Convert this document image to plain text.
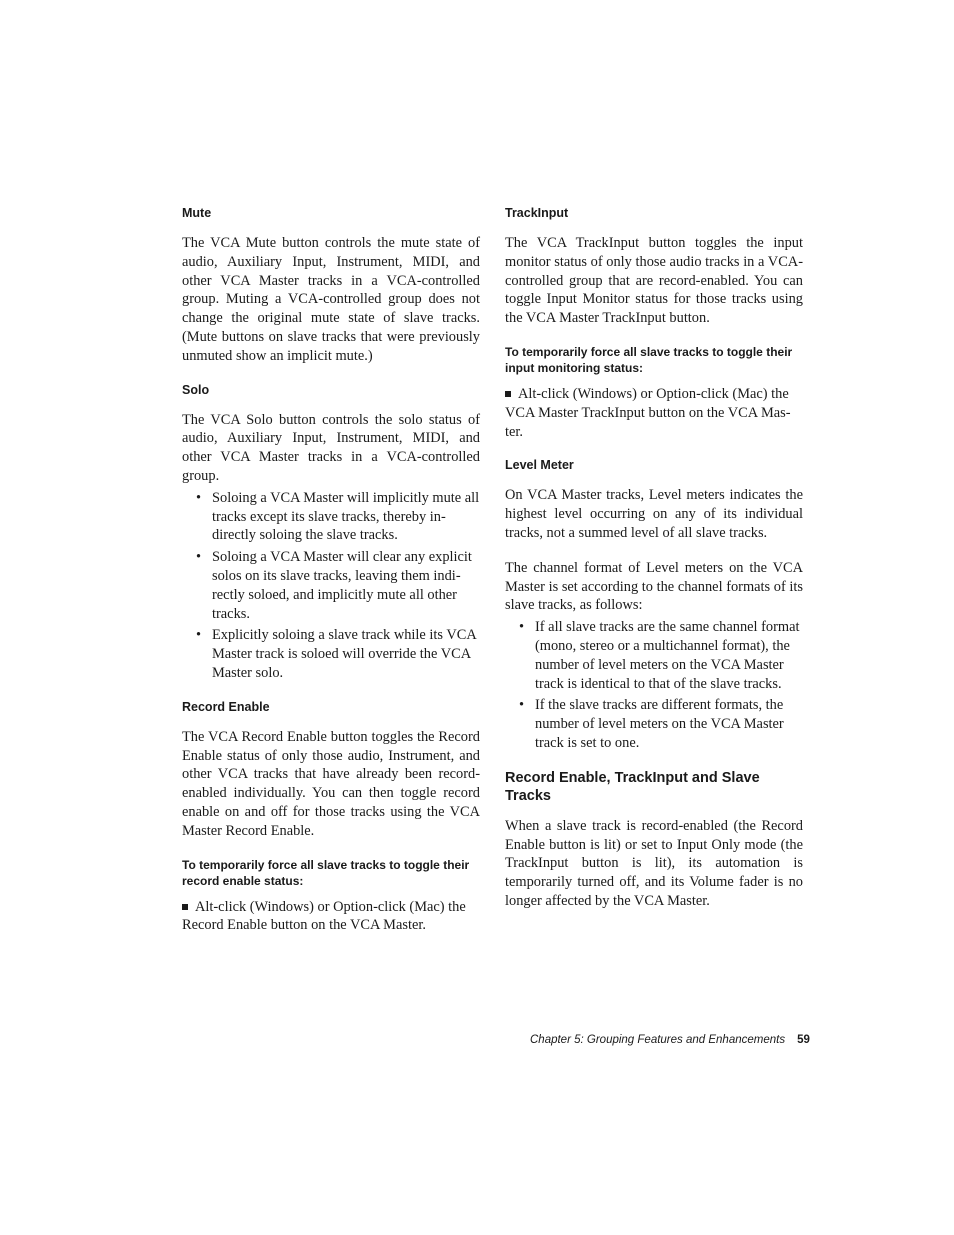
Mute

The VCA Mute button controls the mute state of audio, Auxiliary Input, Instrument, MIDI, and other VCA Master tracks in a VCA-controlled group. Muting a VCA-controlled group does not change the original mute state of slave tracks. (Mute buttons on slave tracks that were previously unmuted show an implicit mute.)

Solo

The VCA Solo button controls the solo status of audio, Auxiliary Input, Instrument, MIDI, and other VCA Master tracks in a VCA-controlled group.

• Soloing a VCA Master will implicitly mute all tracks except its slave tracks, thereby indirectly soloing the slave tracks.
• Soloing a VCA Master will clear any explicit solos on its slave tracks, leaving them indirectly soloed, and implicitly mute all other tracks.
• Explicitly soloing a slave track while its VCA Master track is soloed will override the VCA Master solo.
Record Enable

The VCA Record Enable button toggles the Record Enable status of only those audio, Instrument, and other VCA tracks that have already been record-enabled individually. You can then toggle record enable on and off for those tracks using the VCA Master Record Enable.

To temporarily force all slave tracks to toggle their record enable status:

Alt-click (Windows) or Option-click (Mac) the Record Enable button on the VCA Master.

TrackInput

The VCA TrackInput button toggles the input monitor status of only those audio tracks in a VCA-controlled group that are record-enabled. You can toggle Input Monitor status for those tracks using the VCA Master TrackInput button.

To temporarily force all slave tracks to toggle their input monitoring status:

Alt-click (Windows) or Option-click (Mac) the VCA Master TrackInput button on the VCA Master.

Level Meter

On VCA Master tracks, Level meters indicates the highest level occurring on any of its individual tracks, not a summed level of all slave tracks.

The channel format of Level meters on the VCA Master is set according to the channel formats of its slave tracks, as follows:

• If all slave tracks are the same channel format (mono, stereo or a multichannel format), the number of level meters on the VCA Master track is identical to that of the slave tracks.
• If the slave tracks are different formats, the number of level meters on the VCA Master track is set to one.
Record Enable, TrackInput and Slave Tracks

When a slave track is record-enabled (the Record Enable button is lit) or set to Input Only mode (the TrackInput button is lit), its automation is temporarily turned off, and its Volume fader is no longer affected by the VCA Master.

Chapter 5: Grouping Features and Enhancements 59
